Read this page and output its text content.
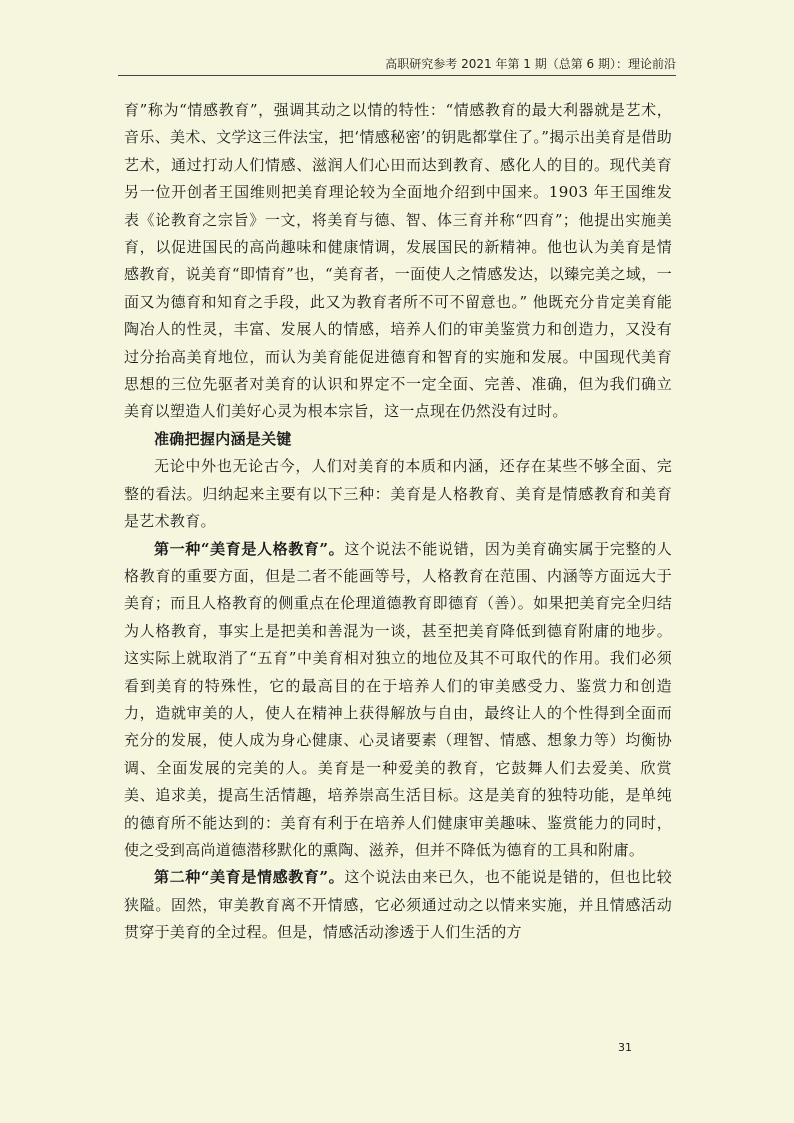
高职研究参考 2021 年第 1 期（总第 6 期）：理论前沿

育”称为“情感教育”，强调其动之以情的特性：“情感教育的最大利器就是艺术，音乐、美术、文学这三件法宝，把‘情感秘密’的钥匙都掌住了。”揭示出美育是借助艺术，通过打动人们情感、滋润人们心田而达到教育、感化人的目的。现代美育另一位开创者王国维则把美育理论较为全面地介绍到中国来。1903 年王国维发表《论教育之宗旨》一文，将美育与德、智、体三育并称“四育”；他提出实施美育，以促进国民的高尚趣味和健康情调，发展国民的新精神。他也认为美育是情感教育，说美育“即情育”也，“美育者，一面使人之情感发达，以臻完美之域，一面又为德育和知育之手段，此又为教育者所不可不留意也。” 他既充分肯定美育能陶冶人的性灵，丰富、发展人的情感，培养人们的审美鉴赏力和创造力，又没有过分抬高美育地位，而认为美育能促进德育和智育的实施和发展。中国现代美育思想的三位先驱者对美育的认识和界定不一定全面、完善、准确，但为我们确立美育以塑造人们美好心灵为根本宗旨，这一点现在仍然没有过时。

准确把握内涵是关键

无论中外也无论古今，人们对美育的本质和内涵，还存在某些不够全面、完整的看法。归纳起来主要有以下三种：美育是人格教育、美育是情感教育和美育是艺术教育。

第一种“美育是人格教育”。这个说法不能说错，因为美育确实属于完整的人格教育的重要方面，但是二者不能画等号，人格教育在范围、内涵等方面远大于美育；而且人格教育的侧重点在伦理道德教育即德育（善）。如果把美育完全归结为人格教育，事实上是把美和善混为一谈，甚至把美育降低到德育附庸的地步。这实际上就取消了“五育”中美育相对独立的地位及其不可取代的作用。我们必须看到美育的特殊性，它的最高目的在于培养人们的审美感受力、鉴赏力和创造力，造就审美的人，使人在精神上获得解放与自由，最终让人的个性得到全面而充分的发展，使人成为身心健康、心灵诸要素（理智、情感、想象力等）均衡协调、全面发展的完美的人。美育是一种爱美的教育，它鼓舞人们去爱美、欣赏美、追求美，提高生活情趣，培养崇高生活目标。这是美育的独特功能，是单纯的德育所不能达到的：美育有利于在培养人们健康审美趣味、鉴赏能力的同时，使之受到高尚道德潜移默化的熏陶、滋养，但并不降低为德育的工具和附庸。

第二种“美育是情感教育”。这个说法由来已久，也不能说是错的，但也比较狭隘。固然，审美教育离不开情感，它必须通过动之以情来实施，并且情感活动贯穿于美育的全过程。但是，情感活动渗透于人们生活的方

31
